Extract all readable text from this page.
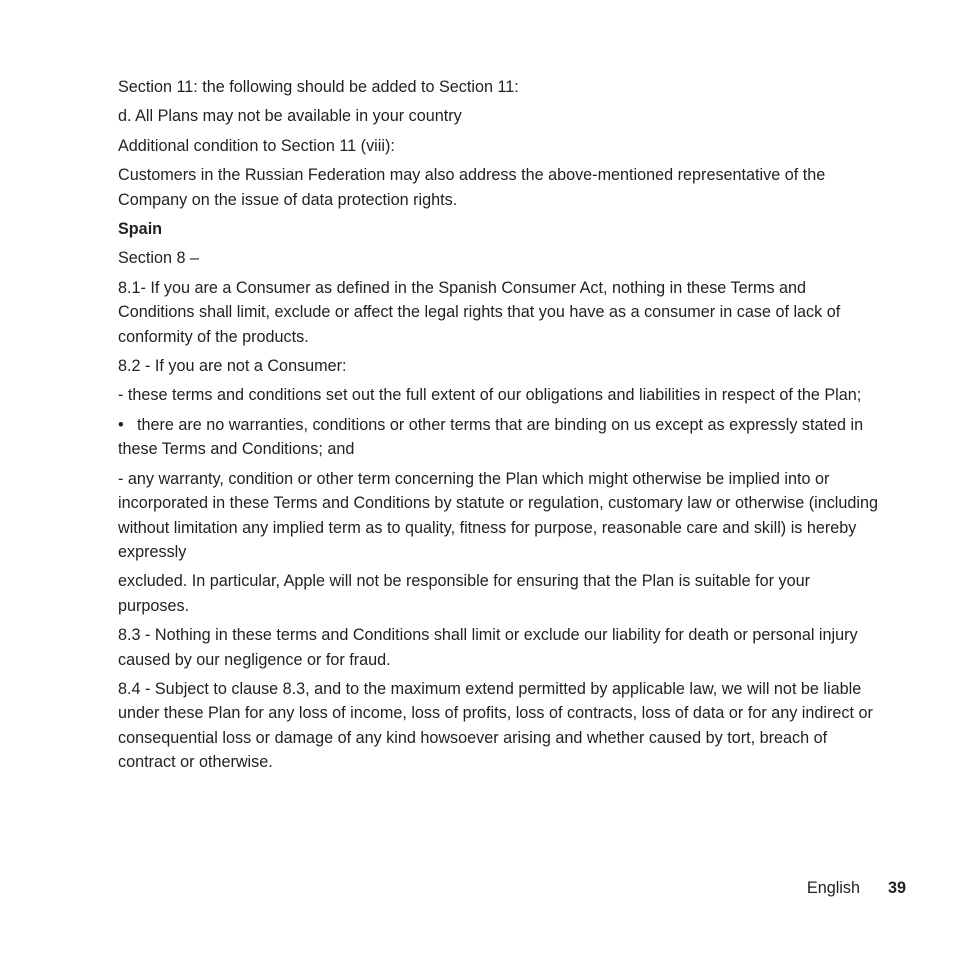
Section 11: the following should be added to Section 11:

d. All Plans may not be available in your country

Additional condition to Section 11 (viii):

Customers in the Russian Federation may also address the above-mentioned representative of the Company on the issue of data protection rights.

Spain

Section 8 –

8.1- If you are a Consumer as defined in the Spanish Consumer Act, nothing in these Terms and Conditions shall limit, exclude or affect the legal rights that you have as a consumer in case of lack of conformity of the products.

8.2 - If you are not a Consumer:

- these terms and conditions set out the full extent of our obligations and liabilities in respect of the Plan;

• there are no warranties, conditions or other terms that are binding on us except as expressly stated in these Terms and Conditions; and

- any warranty, condition or other term concerning the Plan which might otherwise be implied into or incorporated in these Terms and Conditions by statute or regulation, customary law or otherwise (including without limitation any implied term as to quality, fitness for purpose, reasonable care and skill) is hereby expressly

excluded. In particular, Apple will not be responsible for ensuring that the Plan is suitable for your purposes.

8.3 - Nothing in these terms and Conditions shall limit or exclude our liability for death or personal injury caused by our negligence or for fraud.

8.4 - Subject to clause 8.3, and to the maximum extend permitted by applicable law, we will not be liable under these Plan for any loss of income, loss of profits, loss of contracts, loss of data or for any indirect or consequential loss or damage of any kind howsoever arising and whether caused by tort, breach of contract or otherwise.

English 39
